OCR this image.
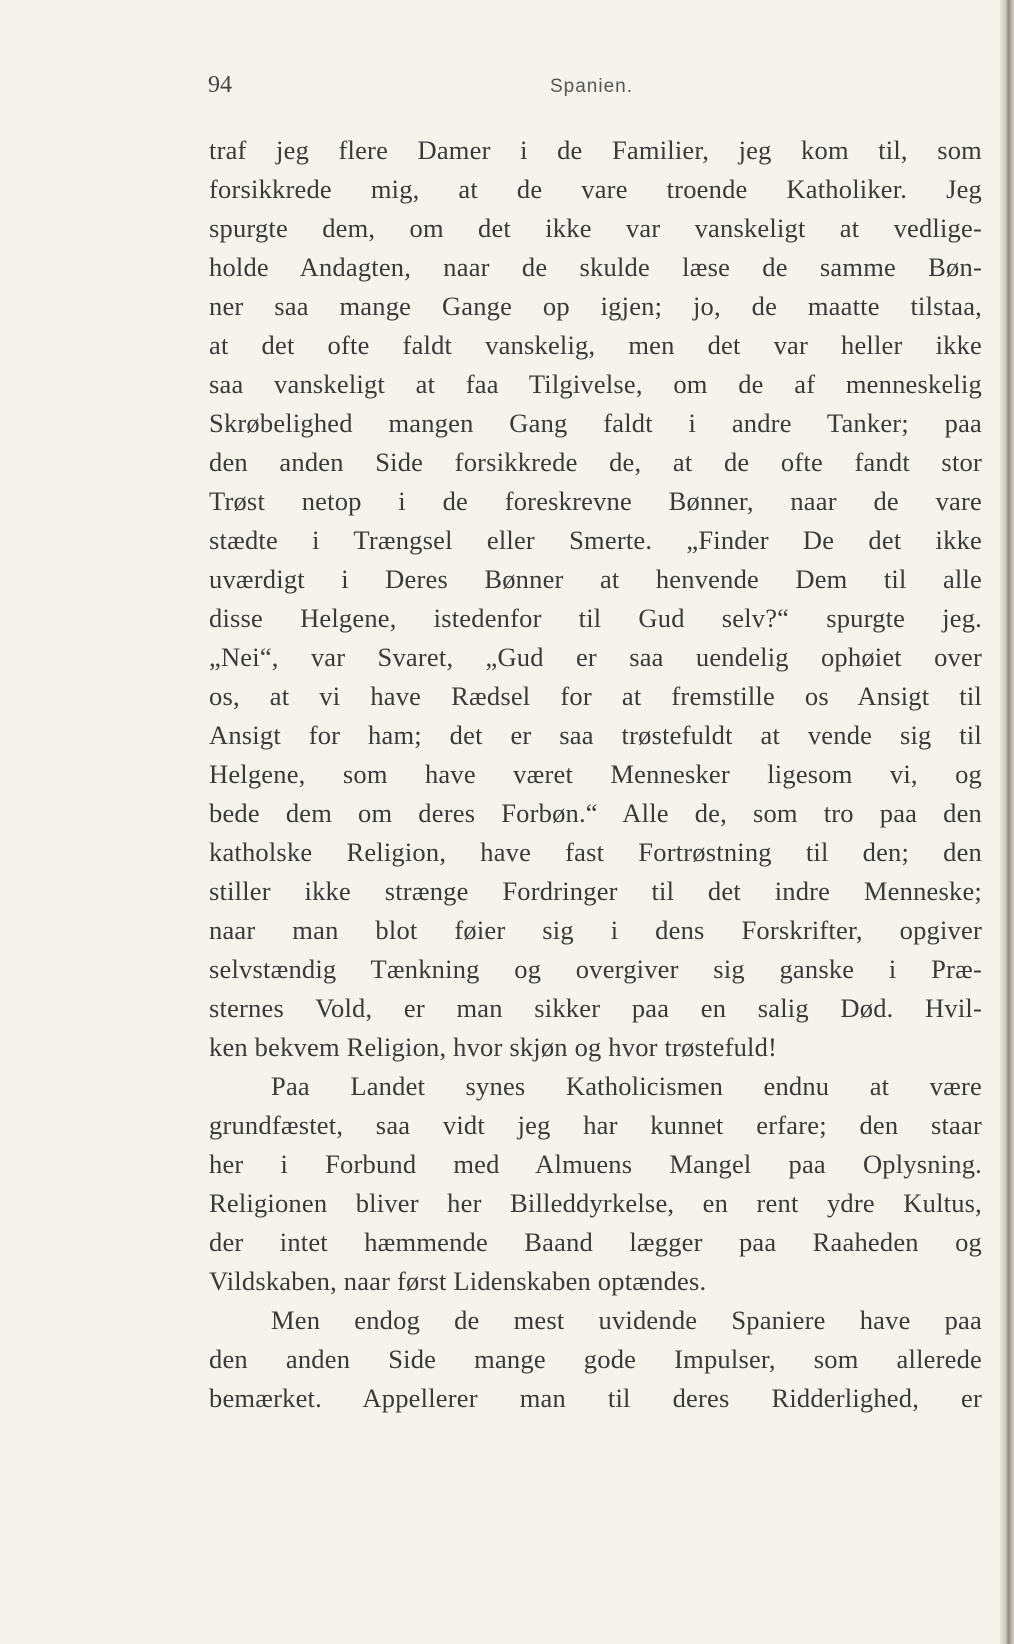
94	Spanien.
traf jeg flere Damer i de Familier, jeg kom til, som
forsikkrede mig, at de vare troende Katholiker. Jeg
spurgte dem, om det ikke var vanskeligt at vedlige-
holde Andagten, naar de skulde læse de samme Bøn-
ner saa mange Gange op igjen; jo, de maatte tilstaa,
at det ofte faldt vanskelig, men det var heller ikke
saa vanskeligt at faa Tilgivelse, om de af menneskelig
Skrøbelighed mangen Gang faldt i andre Tanker; paa
den anden Side forsikkrede de, at de ofte fandt stor
Trøst netop i de foreskrevne Bønner, naar de vare
stædte i Trængsel eller Smerte. „Finder De det ikke
uværdigt i Deres Bønner at henvende Dem til alle
disse Helgene, istedenfor til Gud selv?“ spurgte jeg.
„Nei“, var Svaret, „Gud er saa uendelig ophøiet over
os, at vi have Rædsel for at fremstille os Ansigt til
Ansigt for ham; det er saa trøstefuldt at vende sig til
Helgene, som have været Mennesker ligesom vi, og
bede dem om deres Forbøn.“ Alle de, som tro paa den
katholske Religion, have fast Fortrøstning til den; den
stiller ikke strænge Fordringer til det indre Menneske;
naar man blot føier sig i dens Forskrifter, opgiver
selvstændig Tænkning og overgiver sig ganske i Præ-
sternes Vold, er man sikker paa en salig Død. Hvil-
ken bekvem Religion, hvor skjøn og hvor trøstefuld!
Paa Landet synes Katholicismen endnu at være
grundfæstet, saa vidt jeg har kunnet erfare; den staar
her i Forbund med Almuens Mangel paa Oplysning.
Religionen bliver her Billeddyrkelse, en rent ydre Kultus,
der intet hæmmende Baand lægger paa Raaheden og
Vildskaben, naar først Lidenskaben optændes.
Men endog de mest uvidende Spaniere have paa
den anden Side mange gode Impulser, som allerede
bemærket. Appellerer man til deres Ridderlighed, er
